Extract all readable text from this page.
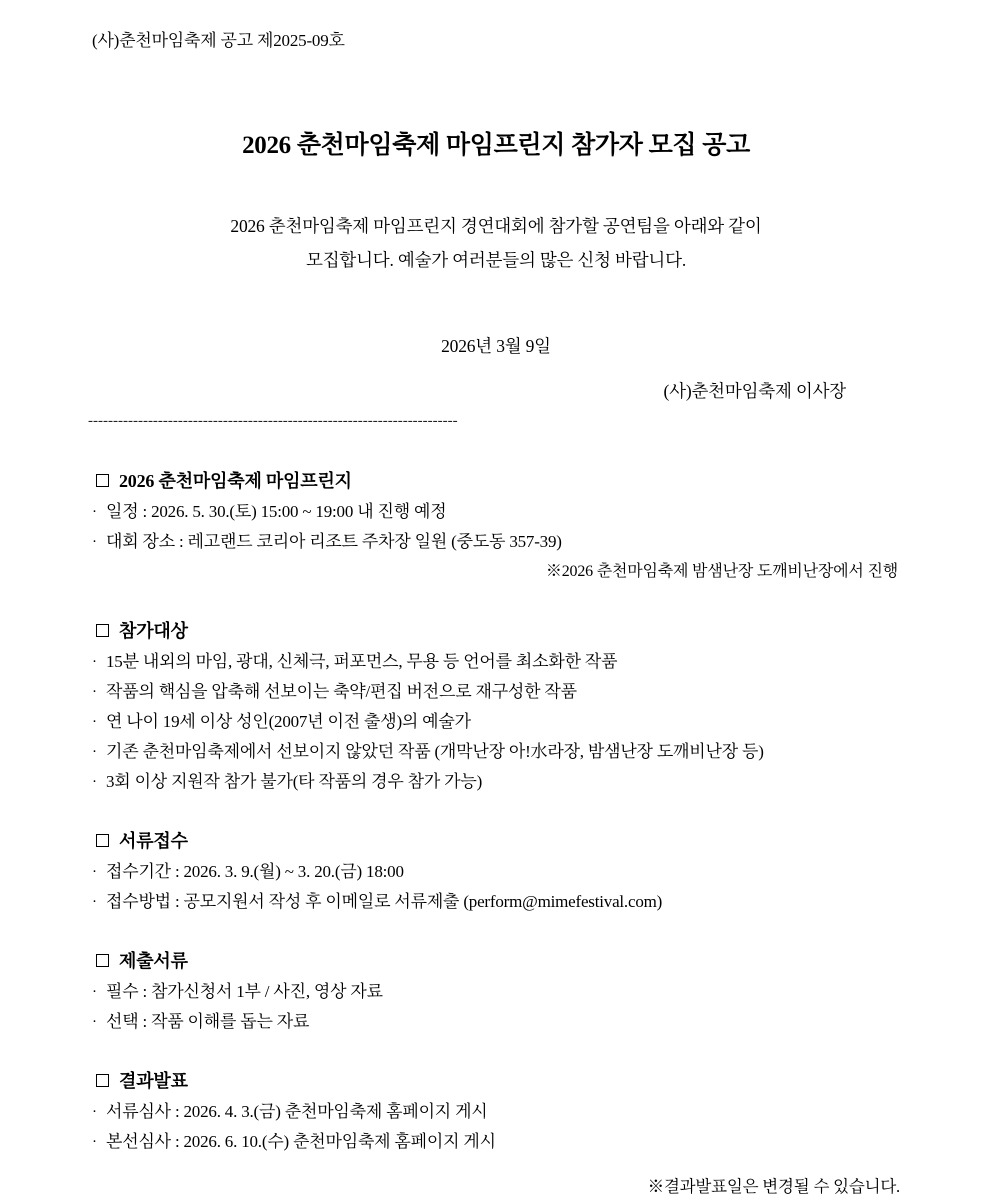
(사)춘천마임축제 공고 제2025-09호
2026 춘천마임축제 마임프린지 참가자 모집 공고
2026 춘천마임축제 마임프린지 경연대회에 참가할 공연팀을 아래와 같이
모집합니다. 예술가 여러분들의 많은 신청 바랍니다.
2026년 3월 9일
(사)춘천마임축제 이사장
--------------------------------------------------------------------------
2026 춘천마임축제 마임프린지
· 일정 : 2026. 5. 30.(토) 15:00 ~ 19:00 내 진행 예정
· 대회 장소 : 레고랜드 코리아 리조트 주차장 일원 (중도동 357-39)
※2026 춘천마임축제 밤샘난장 도깨비난장에서 진행
참가대상
· 15분 내외의 마임, 광대, 신체극, 퍼포먼스, 무용 등 언어를 최소화한 작품
· 작품의 핵심을 압축해 선보이는 축약/편집 버전으로 재구성한 작품
· 연 나이 19세 이상 성인(2007년 이전 출생)의 예술가
· 기존 춘천마임축제에서 선보이지 않았던 작품 (개막난장 아!水라장, 밤샘난장 도깨비난장 등)
· 3회 이상 지원작 참가 불가(타 작품의 경우 참가 가능)
서류접수
· 접수기간 : 2026. 3. 9.(월) ~ 3. 20.(금) 18:00
· 접수방법 : 공모지원서 작성 후 이메일로 서류제출 (perform@mimefestival.com)
제출서류
· 필수 : 참가신청서 1부 / 사진, 영상 자료
· 선택 : 작품 이해를 돕는 자료
결과발표
· 서류심사 : 2026. 4. 3.(금) 춘천마임축제 홈페이지 게시
· 본선심사 : 2026. 6. 10.(수) 춘천마임축제 홈페이지 게시
※결과발표일은 변경될 수 있습니다.
